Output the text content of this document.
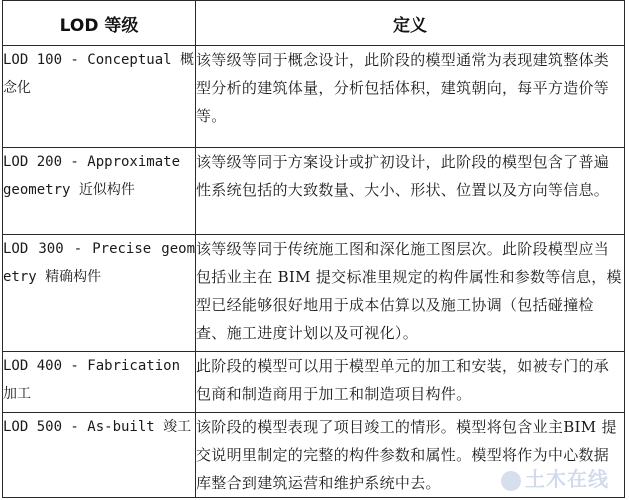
LOD 等级	定义
LOD 100 - Conceptual 概念化	该等级等同于概念设计，此阶段的模型通常为表现建筑整体类型分析的建筑体量，分析包括体积，建筑朝向，每平方造价等等。
LOD 200 - Approximate geometry 近似构件	该等级等同于方案设计或扩初设计，此阶段的模型包含了普遍性系统包括的大致数量、大小、形状、位置以及方向等信息。
LOD 300 - Precise geometry 精确构件	该等级等同于传统施工图和深化施工图层次。此阶段模型应当包括业主在 BIM 提交标准里规定的构件属性和参数等信息，模型已经能够很好地用于成本估算以及施工协调（包括碰撞检查、施工进度计划以及可视化）。
LOD 400 - Fabrication 加工	此阶段的模型可以用于模型单元的加工和安装，如被专门的承包商和制造商用于加工和制造项目构件。
LOD 500 - As-built 竣工	该阶段的模型表现了项目竣工的情形。模型将包含业主BIM 提交说明里制定的完整的构件参数和属性。模型将作为中心数据库整合到建筑运营和维护系统中去。	土木在线
